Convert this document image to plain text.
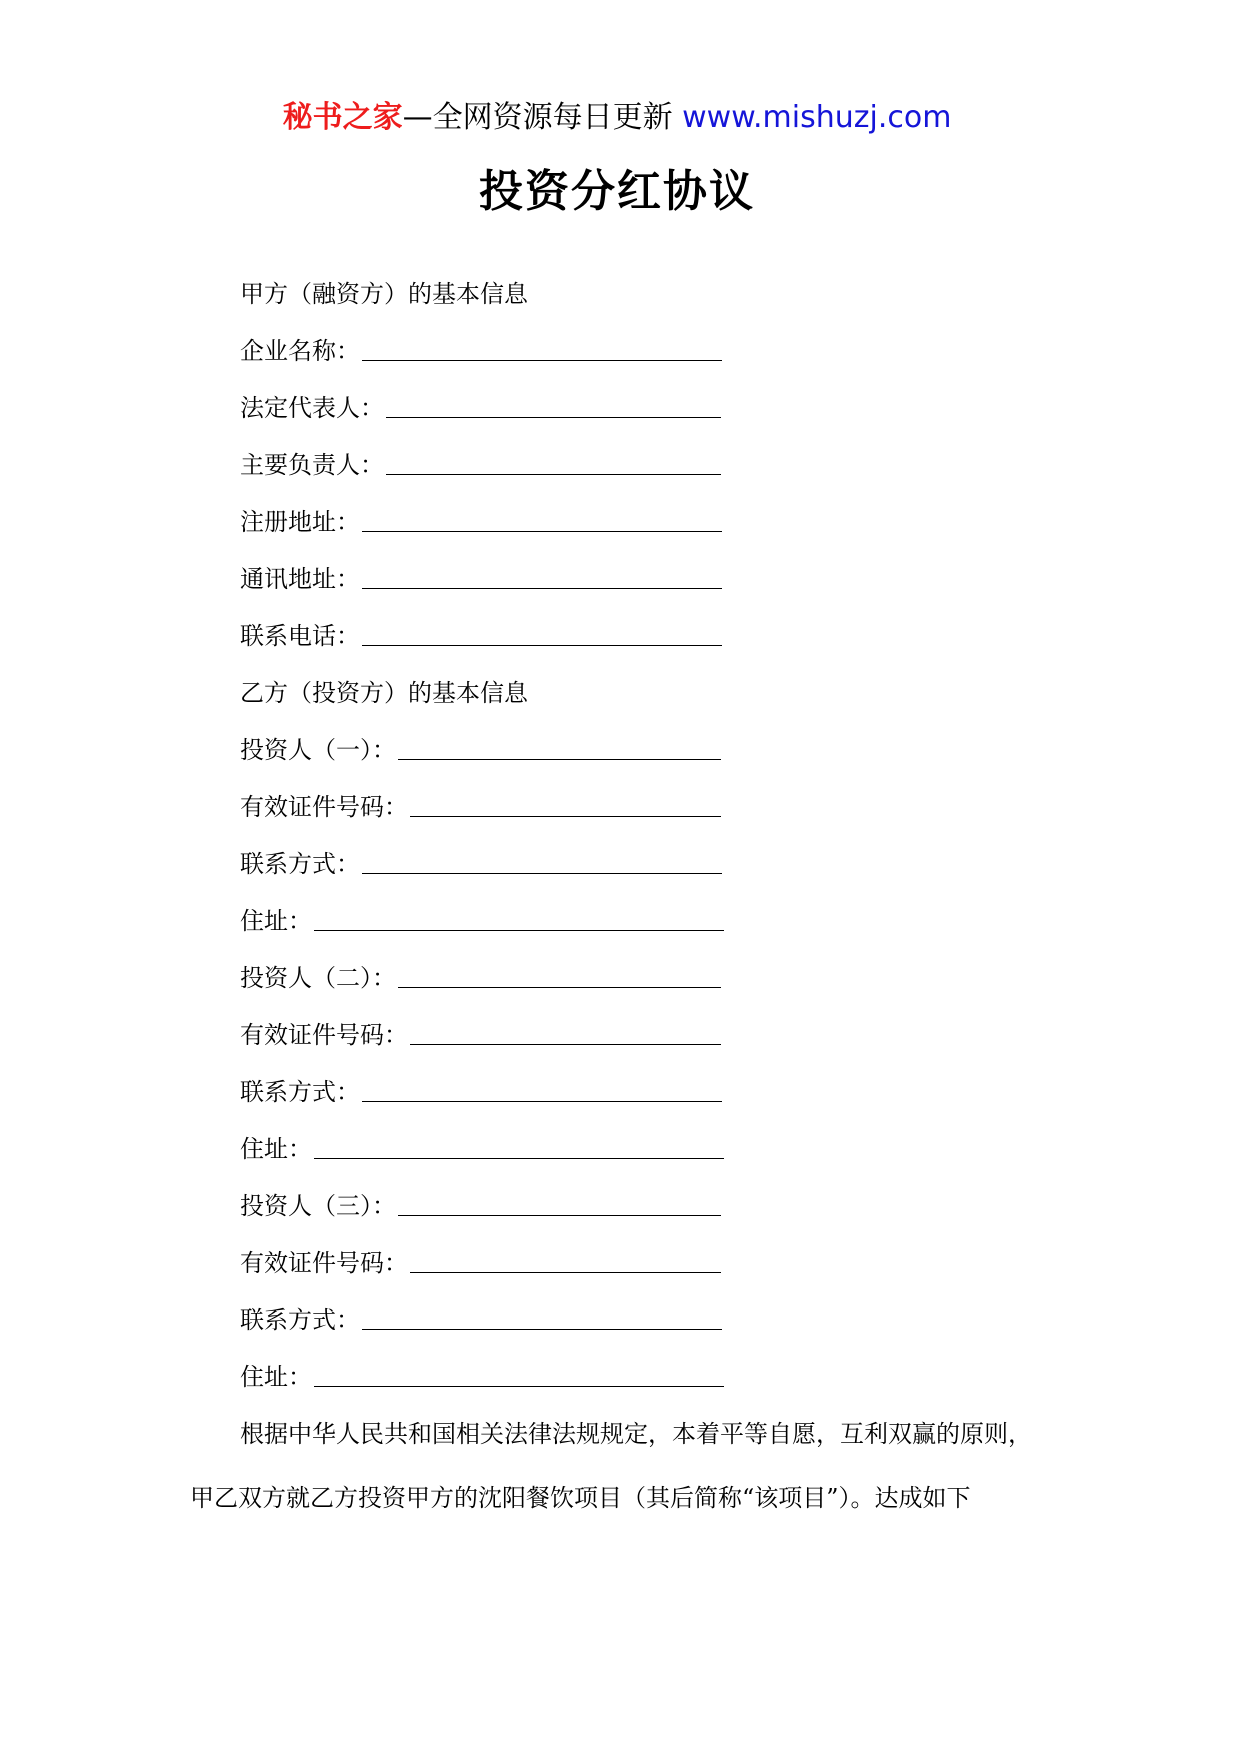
秘书之家—全网资源每日更新 www.mishuzj.com
投资分红协议
甲方（融资方）的基本信息
企业名称：
法定代表人：
主要负责人：
注册地址：
通讯地址：
联系电话：
乙方（投资方）的基本信息
投资人（一）：
有效证件号码：
联系方式：
住址：
投资人（二）：
有效证件号码：
联系方式：
住址：
投资人（三）：
有效证件号码：
联系方式：
住址：
根据中华人民共和国相关法律法规规定，本着平等自愿，互利双赢的原则，
甲乙双方就乙方投资甲方的沈阳餐饮项目（其后简称“该项目”）。达成如下
